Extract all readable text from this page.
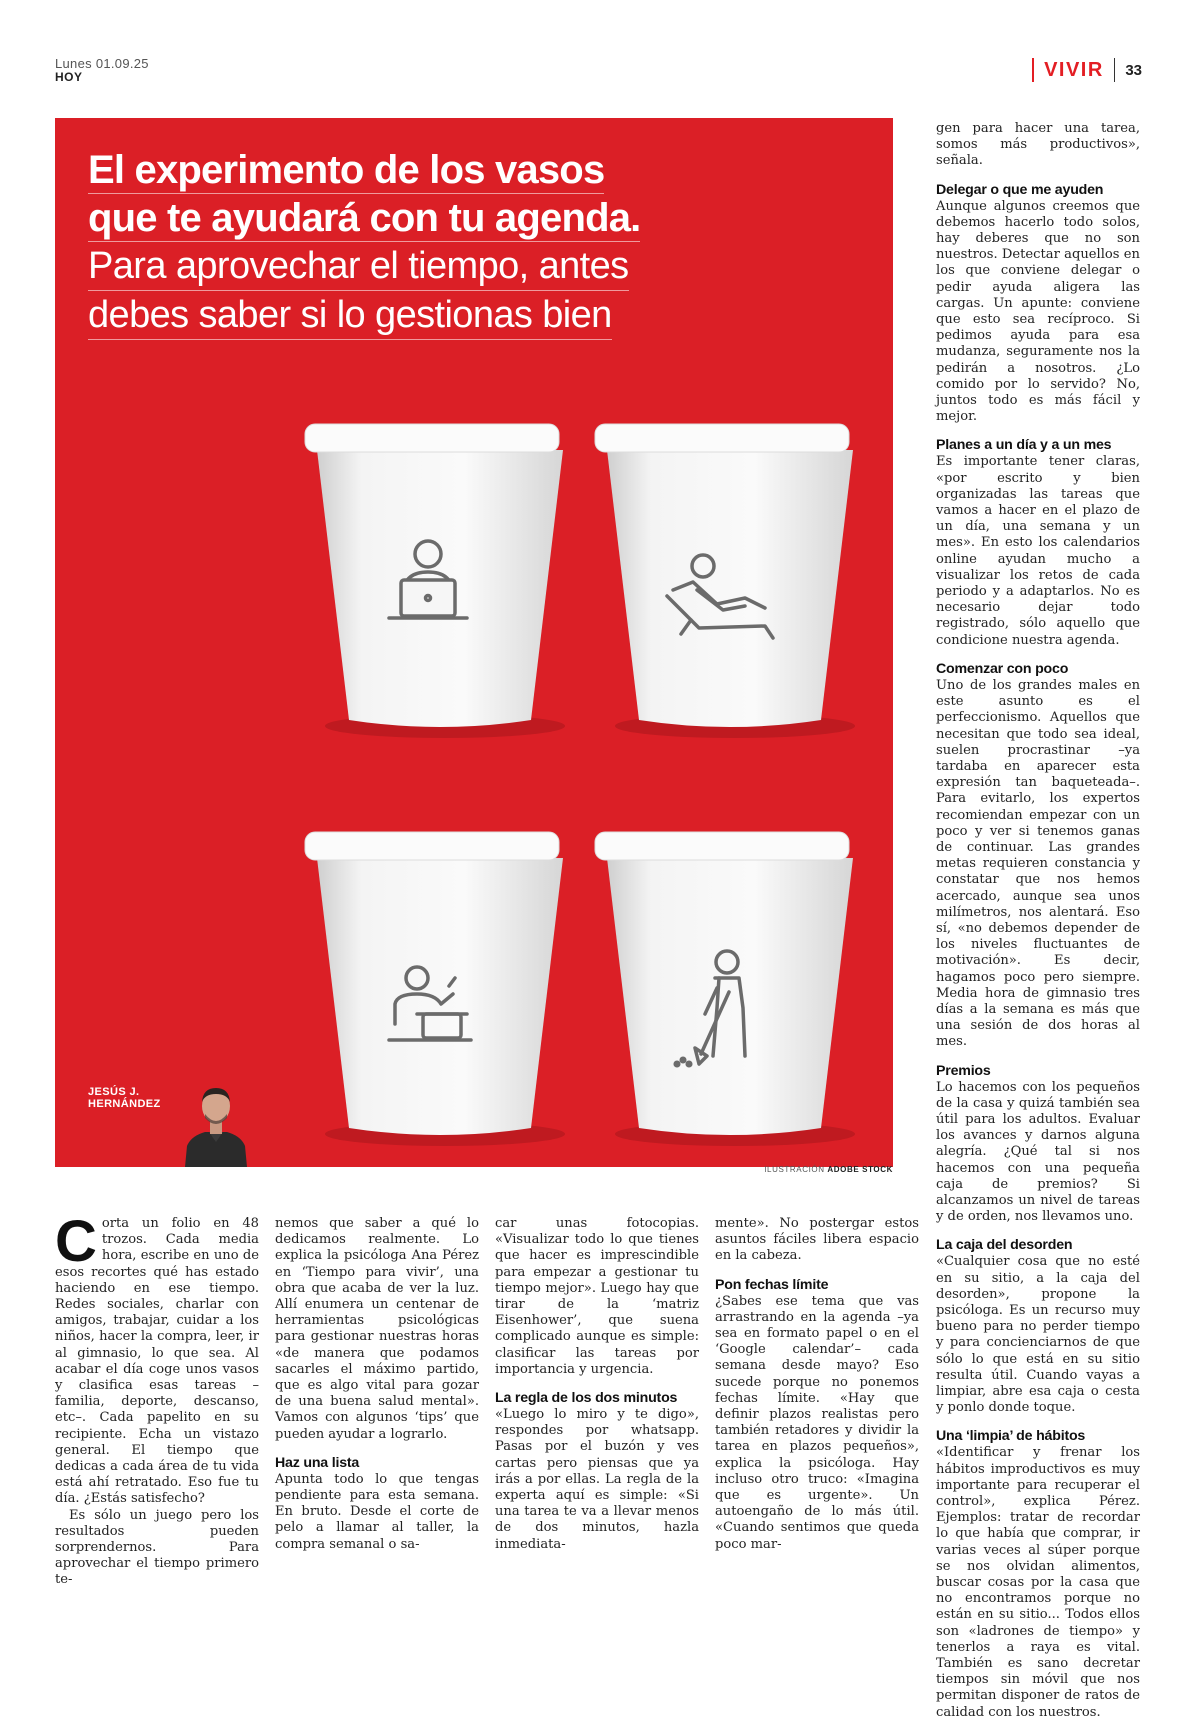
Lunes 01.09.25
HOY	VIVIR 33
El experimento de los vasos
que te ayudará con tu agenda.
Para aprovechar el tiempo, antes
debes saber si lo gestionas bien
JESÚS J.
HERNÁNDEZ
ILUSTRACIÓN ADOBE STOCK

Corta un folio en 48 trozos. Cada media hora, escribe en uno de esos recortes qué has estado haciendo en ese tiempo. Redes sociales, charlar con amigos, trabajar, cuidar a los niños, hacer la compra, leer, ir al gimnasio, lo que sea. Al acabar el día coge unos vasos y clasifica esas tareas –familia, deporte, descanso, etc–. Cada papelito en su recipiente. Echa un vistazo general. El tiempo que dedicas a cada área de tu vida está ahí retratado. Eso fue tu día. ¿Estás satisfecho?

Es sólo un juego pero los resultados pueden sorprendernos. Para aprovechar el tiempo primero te-

nemos que saber a qué lo dedicamos realmente. Lo explica la psicóloga Ana Pérez en ‘Tiempo para vivir’, una obra que acaba de ver la luz. Allí enumera un centenar de herramientas psicológicas para gestionar nuestras horas «de manera que podamos sacarles el máximo partido, que es algo vital para gozar de una buena salud mental». Vamos con algunos ‘tips’ que pueden ayudar a lograrlo.

Haz una lista

Apunta todo lo que tengas pendiente para esta semana. En bruto. Desde el corte de pelo a llamar al taller, la compra semanal o sa-

car unas fotocopias. «Visualizar todo lo que tienes que hacer es imprescindible para empezar a gestionar tu tiempo mejor». Luego hay que tirar de la ‘matriz Eisenhower’, que suena complicado aunque es simple: clasificar las tareas por importancia y urgencia.

La regla de los dos minutos

«Luego lo miro y te digo», respondes por whatsapp. Pasas por el buzón y ves cartas pero piensas que ya irás a por ellas. La regla de la experta aquí es simple: «Si una tarea te va a llevar menos de dos minutos, hazla inmediata-

mente». No postergar estos asuntos fáciles libera espacio en la cabeza.

Pon fechas límite

¿Sabes ese tema que vas arrastrando en la agenda –ya sea en formato papel o en el ‘Google calendar’– cada semana desde mayo? Eso sucede porque no ponemos fechas límite. «Hay que definir plazos realistas pero también retadores y dividir la tarea en plazos pequeños», explica la psicóloga. Hay incluso otro truco: «Imagina que es urgente». Un autoengaño de lo más útil. «Cuando sentimos que queda poco mar-

gen para hacer una tarea, somos más productivos», señala.

Delegar o que me ayuden

Aunque algunos creemos que debemos hacerlo todo solos, hay deberes que no son nuestros. Detectar aquellos en los que conviene delegar o pedir ayuda aligera las cargas. Un apunte: conviene que esto sea recíproco. Si pedimos ayuda para esa mudanza, seguramente nos la pedirán a nosotros. ¿Lo comido por lo servido? No, juntos todo es más fácil y mejor.

Planes a un día y a un mes

Es importante tener claras, «por escrito y bien organizadas las tareas que vamos a hacer en el plazo de un día, una semana y un mes». En esto los calendarios online ayudan mucho a visualizar los retos de cada periodo y a adaptarlos. No es necesario dejar todo registrado, sólo aquello que condicione nuestra agenda.

Comenzar con poco

Uno de los grandes males en este asunto es el perfeccionismo. Aquellos que necesitan que todo sea ideal, suelen procrastinar –ya tardaba en aparecer esta expresión tan baqueteada–. Para evitarlo, los expertos recomiendan empezar con un poco y ver si tenemos ganas de continuar. Las grandes metas requieren constancia y constatar que nos hemos acercado, aunque sea unos milímetros, nos alentará. Eso sí, «no debemos depender de los niveles fluctuantes de motivación». Es decir, hagamos poco pero siempre. Media hora de gimnasio tres días a la semana es más que una sesión de dos horas al mes.

Premios

Lo hacemos con los pequeños de la casa y quizá también sea útil para los adultos. Evaluar los avances y darnos alguna alegría. ¿Qué tal si nos hacemos con una pequeña caja de premios? Si alcanzamos un nivel de tareas y de orden, nos llevamos uno.

La caja del desorden

«Cualquier cosa que no esté en su sitio, a la caja del desorden», propone la psicóloga. Es un recurso muy bueno para no perder tiempo y para concienciarnos de que sólo lo que está en su sitio resulta útil. Cuando vayas a limpiar, abre esa caja o cesta y ponlo donde toque.

Una ‘limpia’ de hábitos

«Identificar y frenar los hábitos improductivos es muy importante para recuperar el control», explica Pérez. Ejemplos: tratar de recordar lo que había que comprar, ir varias veces al súper porque se nos olvidan alimentos, buscar cosas por la casa que no encontramos porque no están en su sitio... Todos ellos son «ladrones de tiempo» y tenerlos a raya es vital. También es sano decretar tiempos sin móvil que nos permitan disponer de ratos de calidad con los nuestros.
